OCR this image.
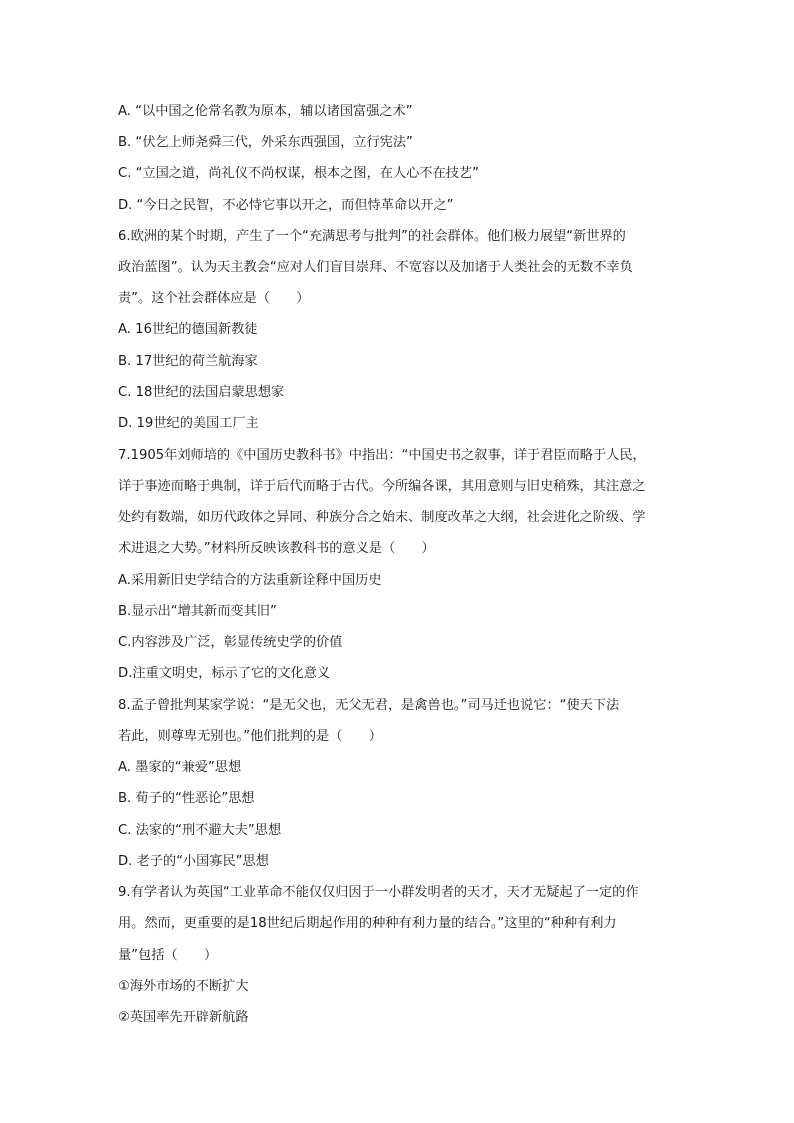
A. “以中国之伦常名教为原本，辅以诸国富强之术”
B. “伏乞上师尧舜三代，外采东西强国，立行宪法”
C. “立国之道，尚礼仪不尚权谋，根本之图，在人心不在技艺”
D. “今日之民智，不必恃它事以开之，而但恃革命以开之”
6.欧洲的某个时期，产生了一个“充满思考与批判”的社会群体。他们极力展望“新世界的
政治蓝图”。认为天主教会“应对人们盲目崇拜、不宽容以及加诸于人类社会的无数不幸负
责”。这个社会群体应是（　　）
A. 16世纪的德国新教徒
B. 17世纪的荷兰航海家
C. 18世纪的法国启蒙思想家
D. 19世纪的美国工厂主
7.1905年刘师培的《中国历史教科书》中指出：“中国史书之叙事，详于君臣而略于人民，
详于事迹而略于典制，详于后代而略于古代。今所编各课，其用意则与旧史稍殊，其注意之
处约有数端，如历代政体之异同、种族分合之始末、制度改革之大纲，社会进化之阶级、学
术进退之大势。”材料所反映该教科书的意义是（　　）
A.采用新旧史学结合的方法重新诠释中国历史
B.显示出“增其新而变其旧”
C.内容涉及广泛，彰显传统史学的价值
D.注重文明史，标示了它的文化意义
8.孟子曾批判某家学说：“是无父也，无父无君，是禽兽也。”司马迁也说它：“使天下法
若此，则尊卑无别也。”他们批判的是（　　）
A. 墨家的“兼爱”思想
B. 荀子的“性恶论”思想
C. 法家的“刑不避大夫”思想
D. 老子的“小国寡民”思想
9.有学者认为英国“工业革命不能仅仅归因于一小群发明者的天才，天才无疑起了一定的作
用。然而，更重要的是18世纪后期起作用的种种有利力量的结合。”这里的“种种有利力
量”包括（　　）
①海外市场的不断扩大
②英国率先开辟新航路
